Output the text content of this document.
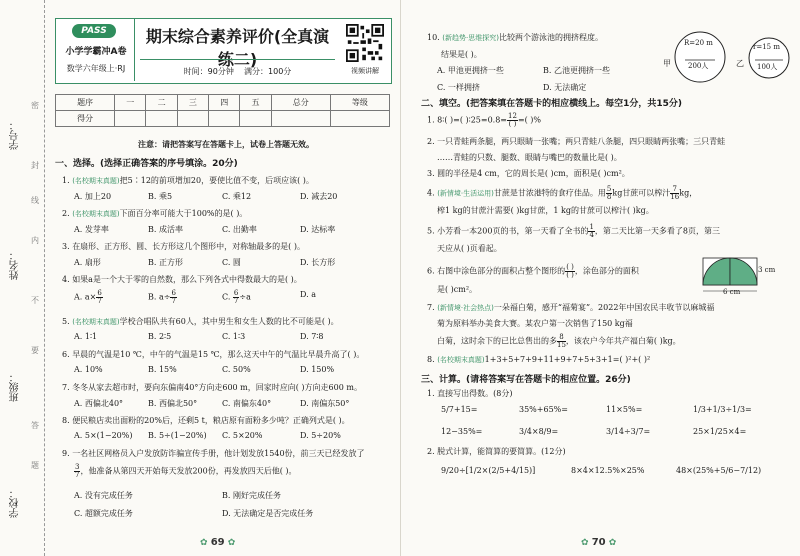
学号：
姓名：
班级：
学校：
密
封
线
内
不
要
答
题
PASS
小学学霸冲A卷
数学六年级上·RJ
期末综合素养评价(全真演练二)
时间：90分钟 满分：100分	视频讲解
题序	一	二	三	四	五	总分	等级
得分							
注意：请把答案写在答题卡上，试卷上答题无效。
一、选择。(选择正确答案的序号填涂。20分)
1. (名校期末真题)把5∶12的前项增加20，要使比值不变，后项应该( )。
A. 加上20	B. 乘5	C. 乘12	D. 减去20
2. (名校期末真题)下面百分率可能大于100%的是( )。
A. 发芽率	B. 成活率	C. 出勤率	D. 达标率
3. 在扇形、正方形、圆、长方形这几个图形中，对称轴最多的是( )。
A. 扇形	B. 正方形	C. 圆	D. 长方形
4. 如果a是一个大于零的自然数，那么下列各式中得数最大的是( )。
A. $a\times \frac{6}{7}$	B. $a\div \frac{6}{7}$	C. $\frac{6}{7} \div a$	D. a
5. (名校期末真题)学校合唱队共有60人，其中男生和女生人数的比不可能是( )。
A. 1∶1	B. 2∶5	C. 1∶3	D. 7∶8
6. 早晨的气温是10 ℃，中午的气温是15 ℃，那么这天中午的气温比早晨升高了( )。
A. 10%	B. 15%	C. 50%	D. 150%
7. 冬冬从家去超市时，要向东偏南40°方向走600 m，回家时应向( )方向走600 m。
A. 西偏北40°	B. 西偏北50°	C. 南偏东40°	D. 南偏东50°
8. 便民粮店卖出面粉的20%后，还剩5 t，粮店原有面粉多少吨？正确列式是( )。
A. 5×(1−20%) B. 5÷(1−20%) C. 5×20%	D. 5÷20%
9. 一名社区网格员入户发放防诈骗宣传手册，他计划发放1540份，前三天已经发放了
$\frac{3}{7}$ ，他准备从第四天开始每天发放200份，再发放四天后他( )。
A. 没有完成任务	B. 刚好完成任务
C. 超额完成任务	D. 无法确定是否完成任务
✿ 69 ✿
10. (新趋势·思维探究)比较两个游泳池的拥挤程度。
结果是( )。
A. 甲池更拥挤一些	B. 乙池更拥挤一些
C. 一样拥挤	D. 无法确定
甲
R=20 m
200人	乙
r=15 m
100人
二、填空。(把答案填在答题卡的相应横线上。每空1分，共15分)
1. 8∶( )=( )∶25=0.8= $\frac{12}{( )}$ =( )%
2. 一只青蛙两条腿，两只眼睛一张嘴；两只青蛙八条腿，四只眼睛两张嘴；三只青蛙
……青蛙的只数、腿数、眼睛与嘴巴的数量比是( )。
3. 圆的半径是4 cm，它的周长是( )cm，面积是( )cm²。
4. (新情境·生活运用)甘蔗是甘浓港特的食疗佳品。用 $\frac{5}{8}$ kg甘蔗可以榨汁 $\frac{7}{16}$ kg，
榨1 kg的甘蔗汁需要( )kg甘蔗，1 kg的甘蔗可以榨汁( )kg。
5. 小芳看一本200页的书，第一天看了全书的 $\frac{1}{4}$ ，第二天比第一天多看了8页，第三
天应从( )页看起。
6. 右图中涂色部分的面积占整个图形的 $\frac{( )}{( )}$ ，涂色部分的面积
是( )cm²。
3 cm
6 cm
7. (新情境·社会热点)一朵福白菊，感开“福菊宴”。2022年中国农民丰收节以麻城福
菊为原料举办美食大赛。某农户第一次销售了150 kg福
白菊，这时余下的已比总售出的多 $\frac{8}{15}$ ，该农户今年共产福白菊( )kg。
8. (名校期末真题)1+3+5+7+9+11+9+7+5+3+1=( )²+( )²
三、计算。(请将答案写在答题卡的相应位置。26分)
1. 直接写出得数。(8分)
5/7+15=	35%+65%=	11×5%=	1/3+1/3÷1/3=
12−35%=	3/4×8/9=	3/14÷3/7=	25×1/25×4=
2. 脱式计算，能简算的要简算。(12分)
9/20÷[1/2×(2/5+4/15)]	8×4×12.5%×25%	48×(25%+5/6−7/12)
✿ 70 ✿
